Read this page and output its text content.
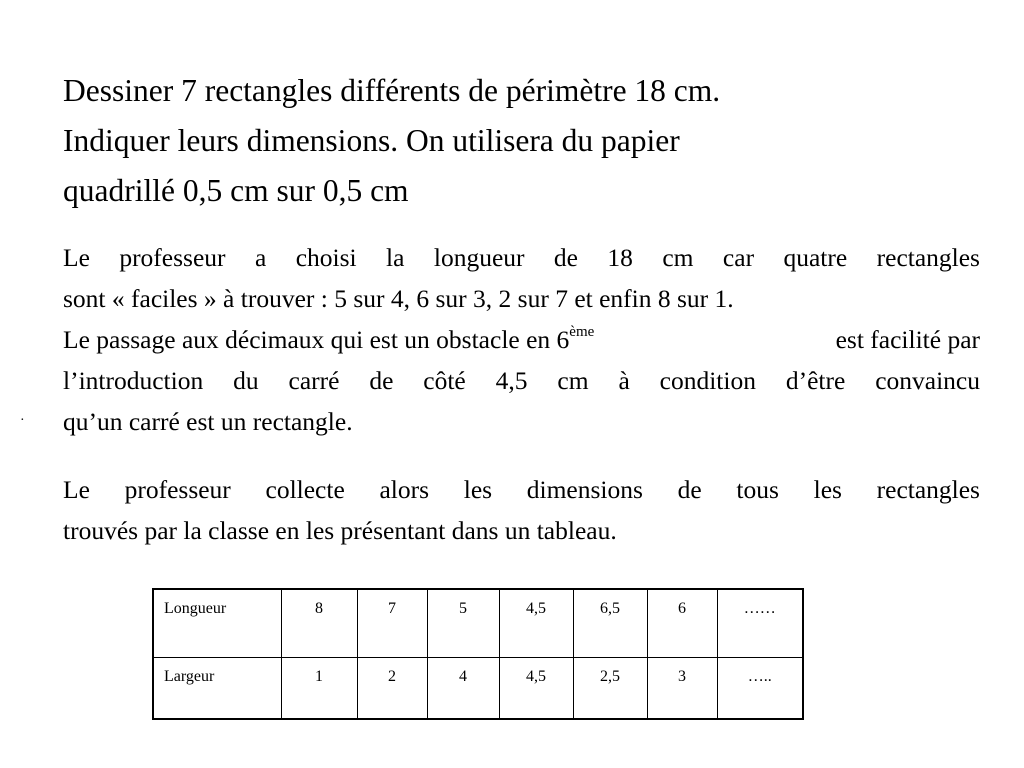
Dessiner 7 rectangles différents de périmètre 18 cm.
Indiquer leurs dimensions. On utilisera du papier
quadrillé 0,5 cm sur 0,5 cm
Le professeur a choisi la longueur de 18 cm car quatre rectangles
sont « faciles » à trouver : 5 sur 4, 6 sur 3, 2 sur 7 et enfin 8 sur 1.
Le passage aux décimaux qui est un obstacle en 6ème	est facilité par
l’introduction du carré de côté 4,5 cm à condition d’être convaincu
qu’un carré est un rectangle.
·
Le professeur collecte alors les dimensions de tous les rectangles
trouvés par la classe en les présentant dans un tableau.
Longueur	8	7	5	4,5	6,5	6	……

Largeur	1	2	4	4,5	2,5	3	…..
